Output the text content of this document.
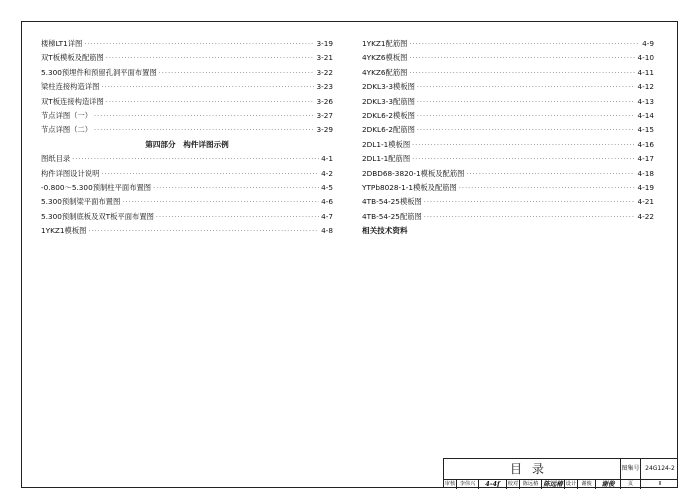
楼梯LT1详图 ·····	3-19
双T板模板及配筋图 ·····	3-21
5.300预埋件和预留孔洞平面布置图 ·····	3-22
梁柱连接构造详图 ·····	3-23
双T板连接构造详图 ·····	3-26
节点详图（一） ·····	3-27
节点详图（二） ·····	3-29
第四部分　构件详图示例
图纸目录 ·····	4-1
构件详图设计说明 ·····	4-2
-0.800～5.300预制柱平面布置图 ·····	4-5
5.300预制梁平面布置图 ·····	4-6
5.300预制底板及双T板平面布置图 ·····	4-7
1YKZ1模板图 ·····	4-8
1YKZ1配筋图 ·····	4-9
4YKZ6模板图 ·····	4-10
4YKZ6配筋图 ·····	4-11
2DKL3-3模板图 ·····	4-12
2DKL3-3配筋图 ·····	4-13
2DKL6-2模板图 ·····	4-14
2DKL6-2配筋图 ·····	4-15
2DL1-1模板图 ·····	4-16
2DL1-1配筋图 ·····	4-17
2DBD68-3820-1模板及配筋图 ·····	4-18
YTPb8028-1-1模板及配筋图 ·····	4-19
4TB-54-25模板图 ·····	4-21
4TB-54-25配筋图 ·····	4-22
相关技术资料
目录	图集号 24G124-2
审核 李伟兴	4-4f	校对 陈远椿 陈远椿 设计 谢俊	谢俊	页	II
